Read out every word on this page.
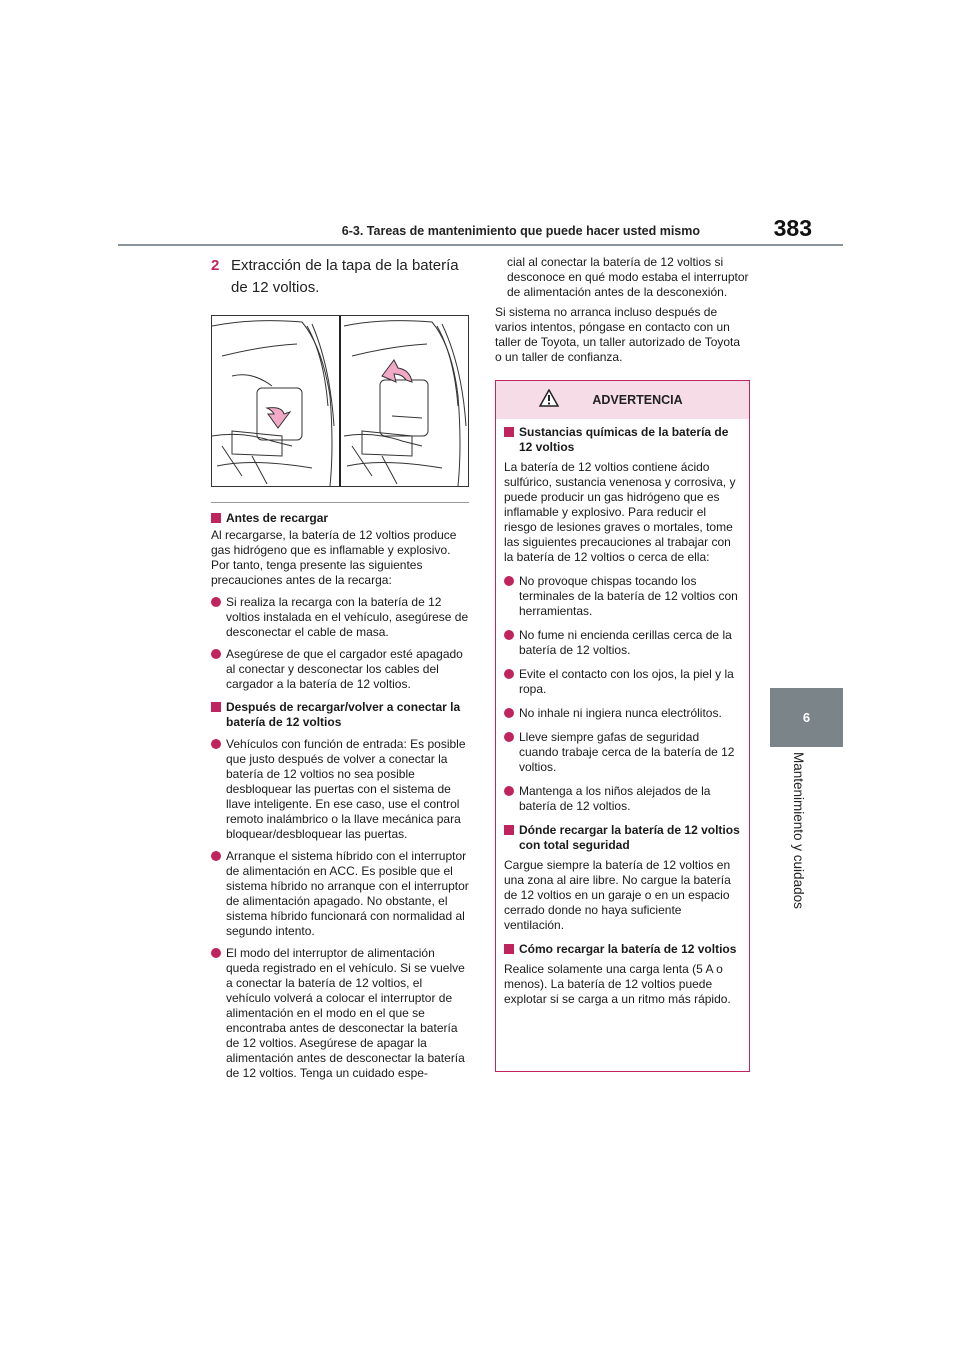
6-3. Tareas de mantenimiento que puede hacer usted mismo	383
6
Mantenimiento y cuidados
2 Extracción de la tapa de la batería de 12 voltios.
Antes de recargar

Al recargarse, la batería de 12 voltios produce gas hidrógeno que es inflamable y explosivo. Por tanto, tenga presente las siguientes precauciones antes de la recarga:

Si realiza la recarga con la batería de 12 voltios instalada en el vehículo, asegúrese de desconectar el cable de masa.
Asegúrese de que el cargador esté apagado al conectar y desconectar los cables del cargador a la batería de 12 voltios.
Después de recargar/volver a conectar la batería de 12 voltios
Vehículos con función de entrada: Es posible que justo después de volver a conectar la batería de 12 voltios no sea posible desbloquear las puertas con el sistema de llave inteligente. En ese caso, use el control remoto inalámbrico o la llave mecánica para bloquear/desbloquear las puertas.
Arranque el sistema híbrido con el interruptor de alimentación en ACC. Es posible que el sistema híbrido no arranque con el interruptor de alimentación apagado. No obstante, el sistema híbrido funcionará con normalidad al segundo intento.
El modo del interruptor de alimentación queda registrado en el vehículo. Si se vuelve a conectar la batería de 12 voltios, el vehículo volverá a colocar el interruptor de alimentación en el modo en el que se encontraba antes de desconectar la batería de 12 voltios. Asegúrese de apagar la alimentación antes de desconectar la batería de 12 voltios. Tenga un cuidado espe-

cial al conectar la batería de 12 voltios si desconoce en qué modo estaba el interruptor de alimentación antes de la desconexión.

Si sistema no arranca incluso después de varios intentos, póngase en contacto con un taller de Toyota, un taller autorizado de Toyota o un taller de confianza.

ADVERTENCIA
Sustancias químicas de la batería de 12 voltios

La batería de 12 voltios contiene ácido sulfúrico, sustancia venenosa y corrosiva, y puede producir un gas hidrógeno que es inflamable y explosivo. Para reducir el riesgo de lesiones graves o mortales, tome las siguientes precauciones al trabajar con la batería de 12 voltios o cerca de ella:

No provoque chispas tocando los terminales de la batería de 12 voltios con herramientas.
No fume ni encienda cerillas cerca de la batería de 12 voltios.
Evite el contacto con los ojos, la piel y la ropa.
No inhale ni ingiera nunca electrólitos.
Lleve siempre gafas de seguridad cuando trabaje cerca de la batería de 12 voltios.
Mantenga a los niños alejados de la batería de 12 voltios.
Dónde recargar la batería de 12 voltios con total seguridad

Cargue siempre la batería de 12 voltios en una zona al aire libre. No cargue la batería de 12 voltios en un garaje o en un espacio cerrado donde no haya suficiente ventilación.

Cómo recargar la batería de 12 voltios

Realice solamente una carga lenta (5 A o menos). La batería de 12 voltios puede explotar si se carga a un ritmo más rápido.
